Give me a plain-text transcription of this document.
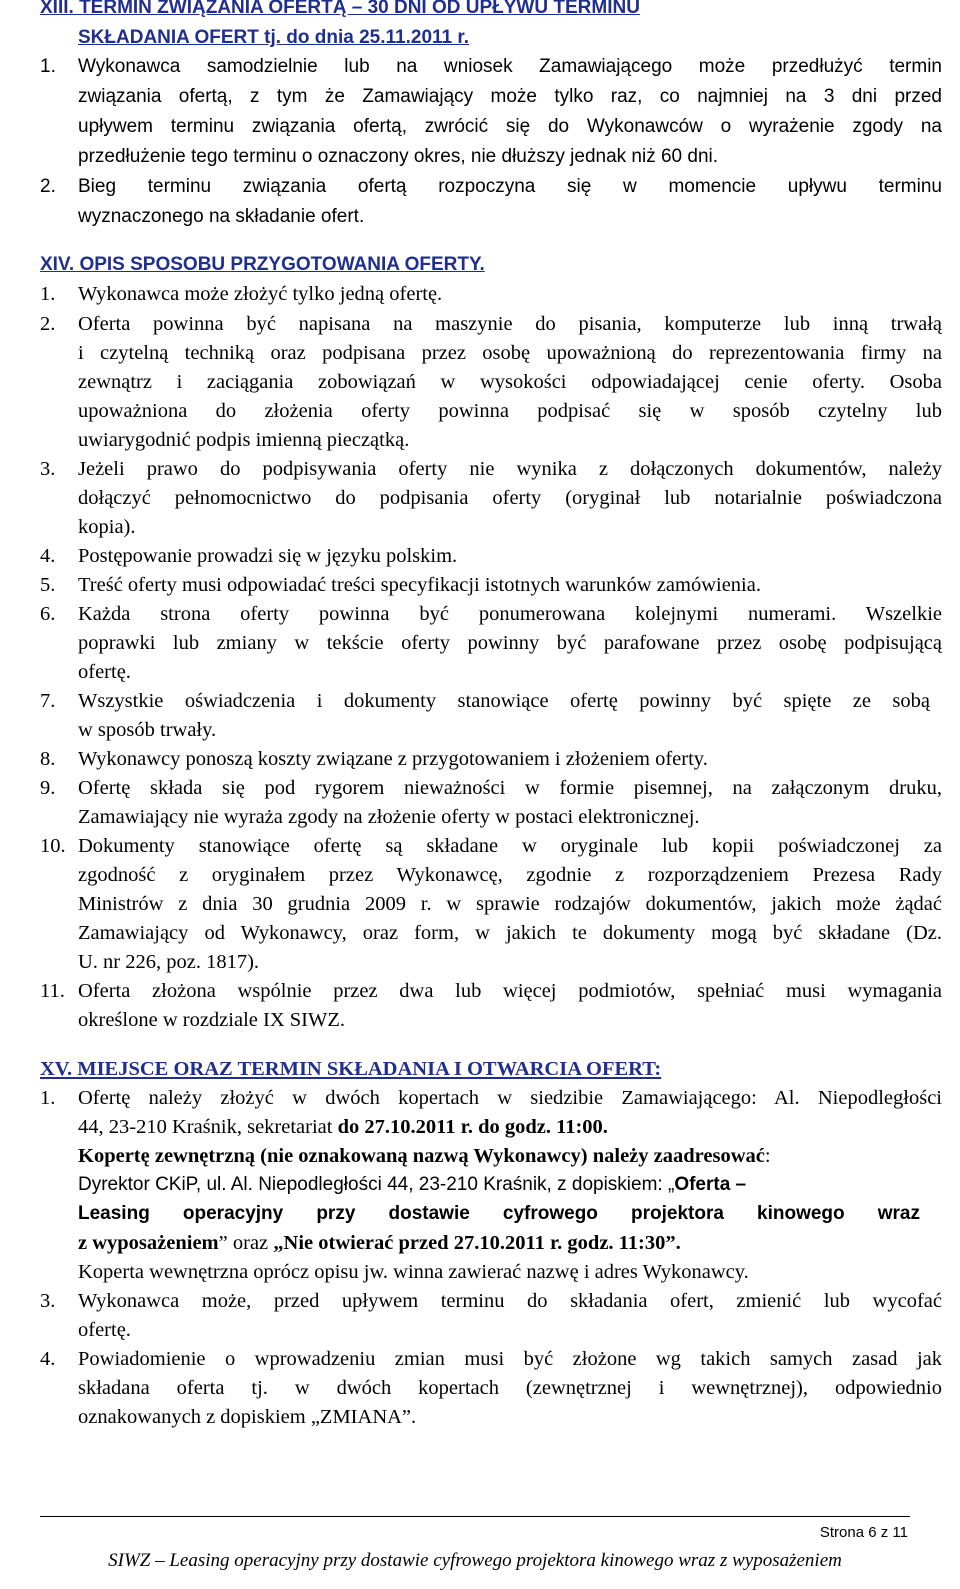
XIII. TERMIN ZWIĄZANIA OFERTĄ – 30 DNI OD UPŁYWU TERMINU
SKŁADANIA OFERT tj. do dnia 25.11.2011 r.
1. Wykonawca samodzielnie lub na wniosek Zamawiającego może przedłużyć termin
związania ofertą, z tym że Zamawiający może tylko raz, co najmniej na 3 dni przed
upływem terminu związania ofertą, zwrócić się do Wykonawców o wyrażenie zgody na
przedłużenie tego terminu o oznaczony okres, nie dłuższy jednak niż 60 dni.
2. Bieg terminu związania ofertą rozpoczyna się w momencie upływu terminu
wyznaczonego na składanie ofert.
XIV. OPIS SPOSOBU PRZYGOTOWANIA OFERTY.
1. Wykonawca może złożyć tylko jedną ofertę.
2. Oferta powinna być napisana na maszynie do pisania, komputerze lub inną trwałą
i czytelną techniką oraz podpisana przez osobę upoważnioną do reprezentowania firmy na
zewnątrz i zaciągania zobowiązań w wysokości odpowiadającej cenie oferty. Osoba
upoważniona do złożenia oferty powinna podpisać się w sposób czytelny lub
uwiarygodnić podpis imienną pieczątką.
3. Jeżeli prawo do podpisywania oferty nie wynika z dołączonych dokumentów, należy
dołączyć pełnomocnictwo do podpisania oferty (oryginał lub notarialnie poświadczona
kopia).
4. Postępowanie prowadzi się w języku polskim.
5. Treść oferty musi odpowiadać treści specyfikacji istotnych warunków zamówienia.
6. Każda strona oferty powinna być ponumerowana kolejnymi numerami. Wszelkie
poprawki lub zmiany w tekście oferty powinny być parafowane przez osobę podpisującą
ofertę.
7. Wszystkie oświadczenia i dokumenty stanowiące ofertę powinny być spięte ze sobą
w sposób trwały.
8. Wykonawcy ponoszą koszty związane z przygotowaniem i złożeniem oferty.
9. Ofertę składa się pod rygorem nieważności w formie pisemnej, na załączonym druku,
Zamawiający nie wyraża zgody na złożenie oferty w postaci elektronicznej.
10. Dokumenty stanowiące ofertę są składane w oryginale lub kopii poświadczonej za
zgodność z oryginałem przez Wykonawcę, zgodnie z rozporządzeniem Prezesa Rady
Ministrów z dnia 30 grudnia 2009 r. w sprawie rodzajów dokumentów, jakich może żądać
Zamawiający od Wykonawcy, oraz form, w jakich te dokumenty mogą być składane (Dz.
U. nr 226, poz. 1817).
11. Oferta złożona wspólnie przez dwa lub więcej podmiotów, spełniać musi wymagania
określone w rozdziale IX SIWZ.
XV. MIEJSCE ORAZ TERMIN SKŁADANIA I OTWARCIA OFERT:
1. Ofertę należy złożyć w dwóch kopertach w siedzibie Zamawiającego: Al. Niepodległości
44, 23-210 Kraśnik, sekretariat do 27.10.2011 r. do godz. 11:00.
Kopertę zewnętrzną (nie oznakowaną nazwą Wykonawcy) należy zaadresować:
Dyrektor CKiP, ul. Al. Niepodległości 44, 23-210 Kraśnik, z dopiskiem: „Oferta –
Leasing operacyjny przy dostawie cyfrowego projektora kinowego wraz
z wyposażeniem” oraz „Nie otwierać przed 27.10.2011 r. godz. 11:30”.
Koperta wewnętrzna oprócz opisu jw. winna zawierać nazwę i adres Wykonawcy.
3. Wykonawca może, przed upływem terminu do składania ofert, zmienić lub wycofać
ofertę.
4. Powiadomienie o wprowadzeniu zmian musi być złożone wg takich samych zasad jak
składana oferta tj. w dwóch kopertach (zewnętrznej i wewnętrznej), odpowiednio
oznakowanych z dopiskiem „ZMIANA”.
Strona 6 z 11
SIWZ – Leasing operacyjny przy dostawie cyfrowego projektora kinowego wraz z wyposażeniem
